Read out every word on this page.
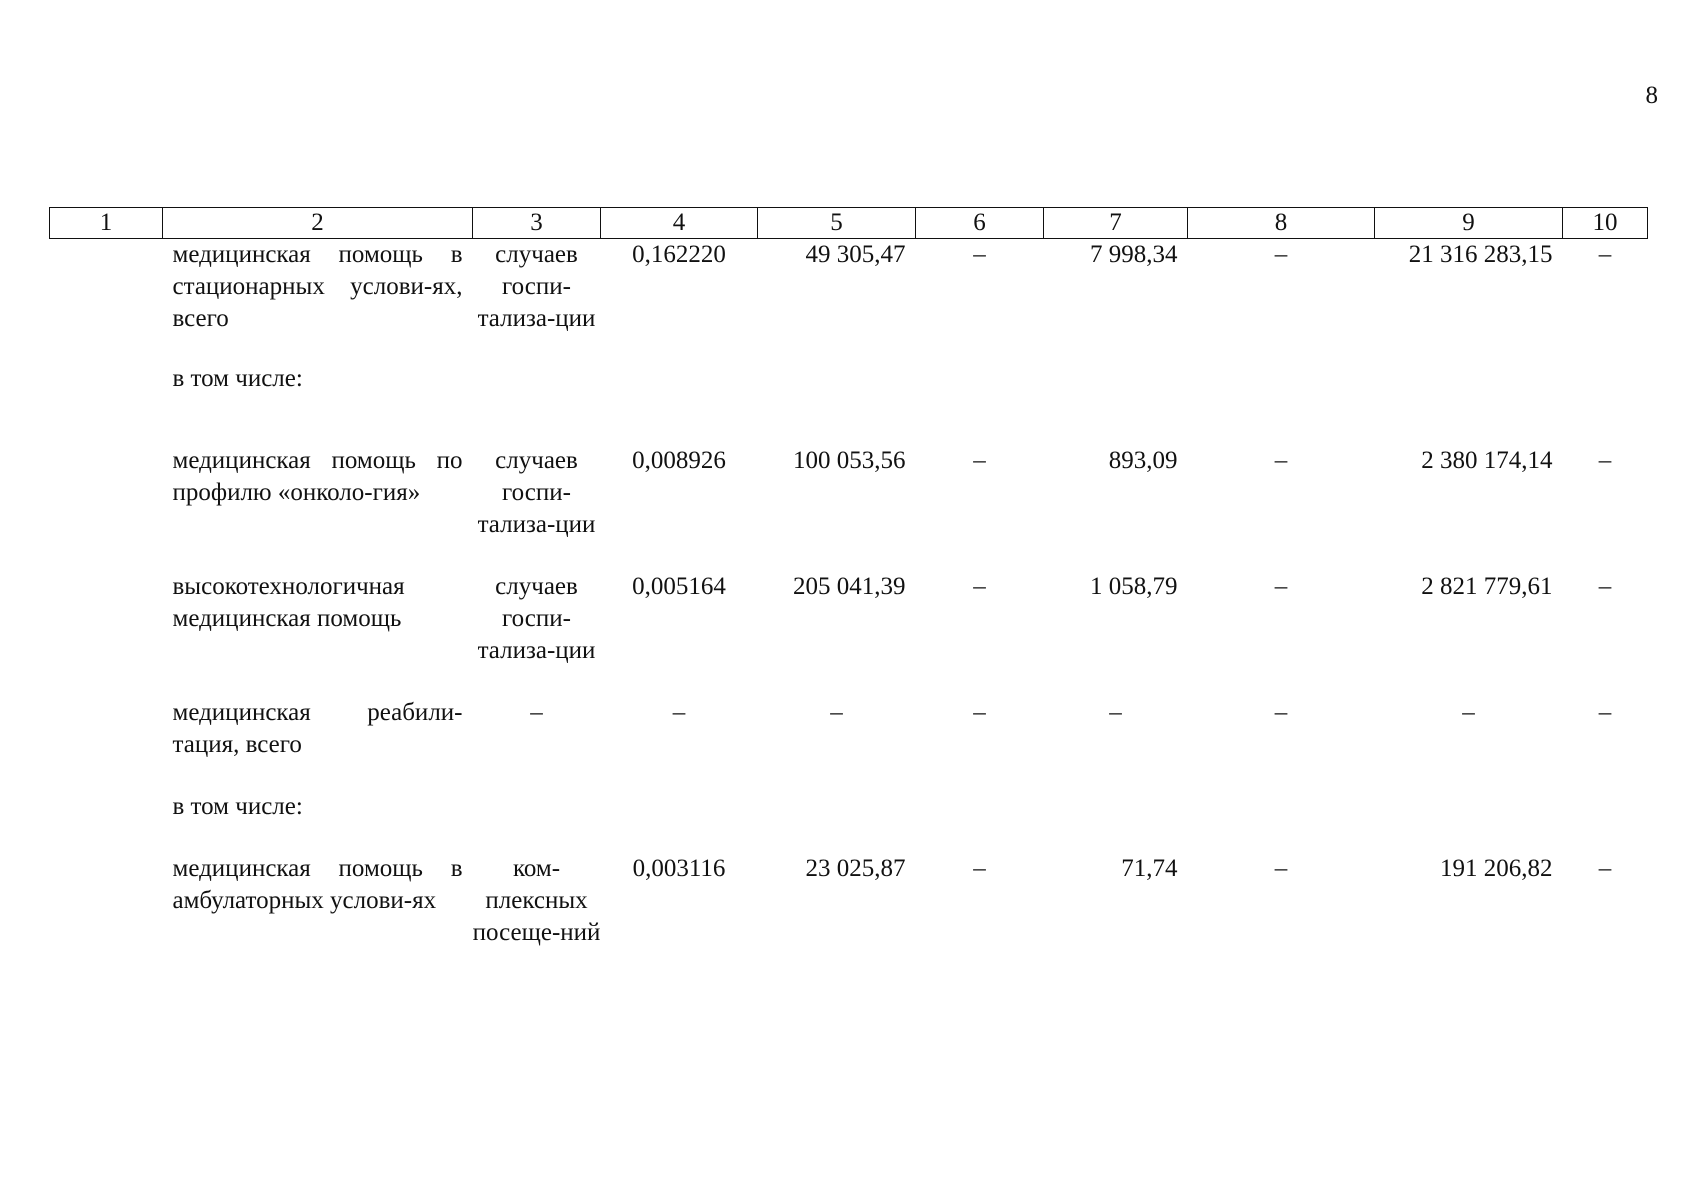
8
1	2	3	4	5	6	7	8	9	10
	медицинская помощь в стационарных услови-ях, всего	случаев госпи-тализа-ции	0,162220	49 305,47	–	7 998,34	–	21 316 283,15	–
	в том числе:								
	медицинская помощь по профилю «онколо-гия»	случаев госпи-тализа-ции	0,008926	100 053,56	–	893,09	–	2 380 174,14	–
	высокотехнологичная медицинская помощь	случаев госпи-тализа-ции	0,005164	205 041,39	–	1 058,79	–	2 821 779,61	–
	медицинская реабили-тация, всего	–	–	–	–	–	–	–	–
	в том числе:								
	медицинская помощь в амбулаторных услови-ях	ком-плексных посеще-ний	0,003116	23 025,87	–	71,74	–	191 206,82	–
